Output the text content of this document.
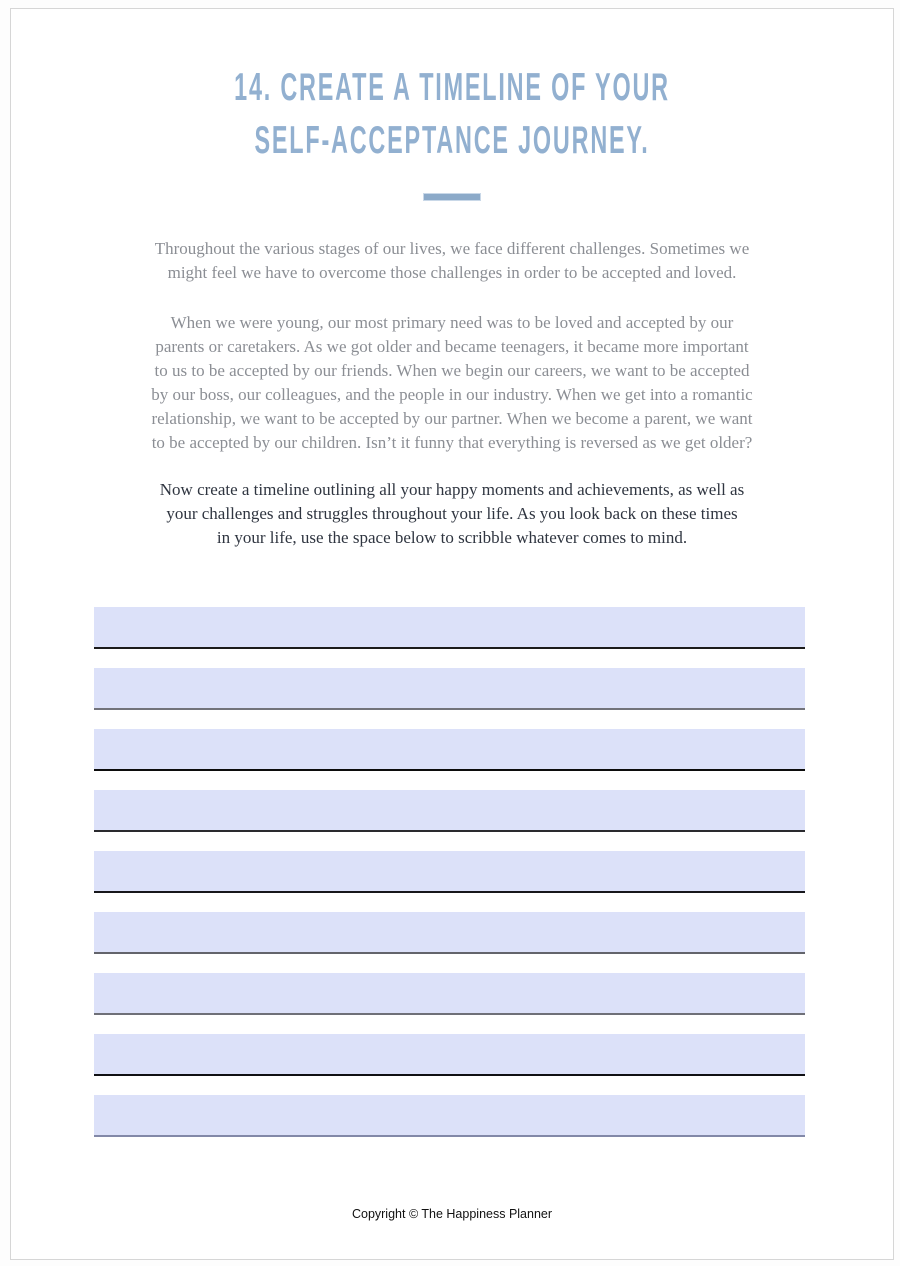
14. CREATE A TIMELINE OF YOUR
SELF-ACCEPTANCE JOURNEY.
Throughout the various stages of our lives, we face different challenges. Sometimes we
might feel we have to overcome those challenges in order to be accepted and loved.
When we were young, our most primary need was to be loved and accepted by our
parents or caretakers. As we got older and became teenagers, it became more important
to us to be accepted by our friends. When we begin our careers, we want to be accepted
by our boss, our colleagues, and the people in our industry. When we get into a romantic
relationship, we want to be accepted by our partner. When we become a parent, we want
to be accepted by our children. Isn’t it funny that everything is reversed as we get older?
Now create a timeline outlining all your happy moments and achievements, as well as
your challenges and struggles throughout your life. As you look back on these times
in your life, use the space below to scribble whatever comes to mind.
Copyright © The Happiness Planner
